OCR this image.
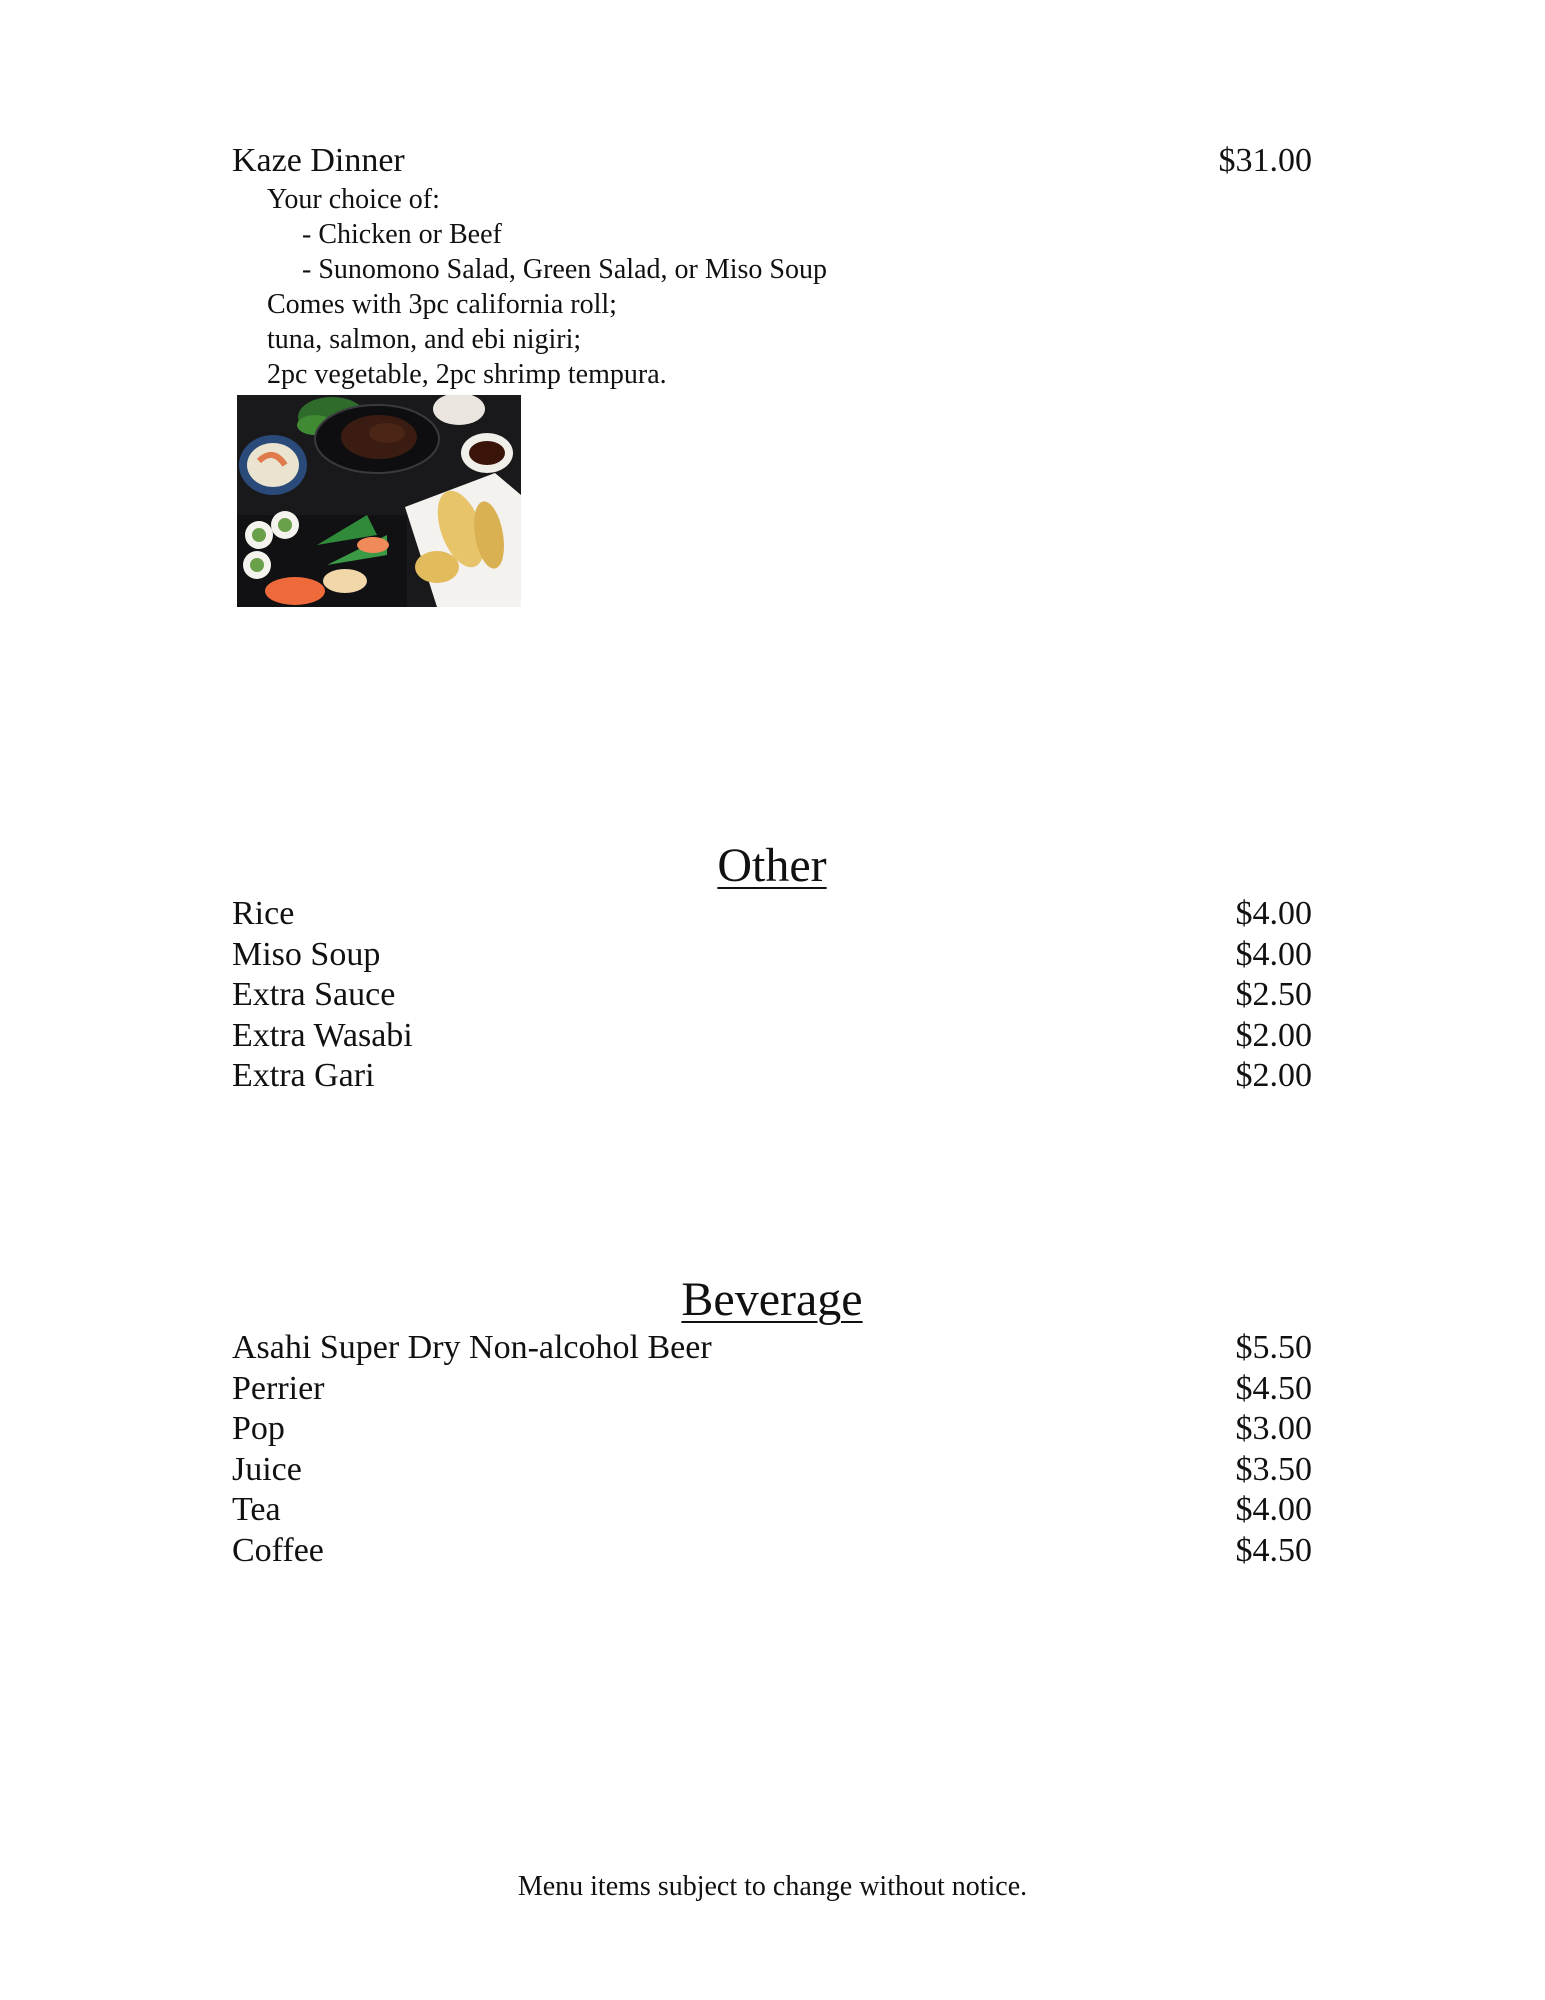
Kaze Dinner	$31.00
Your choice of:
- Chicken or Beef
- Sunomono Salad, Green Salad, or Miso Soup
Comes with 3pc california roll;
tuna, salmon, and ebi nigiri;
2pc vegetable, 2pc shrimp tempura.
Other
Rice	$4.00
Miso Soup	$4.00
Extra Sauce	$2.50
Extra Wasabi	$2.00
Extra Gari	$2.00
Beverage
Asahi Super Dry Non-alcohol Beer	$5.50
Perrier	$4.50
Pop	$3.00
Juice	$3.50
Tea	$4.00
Coffee	$4.50
Menu items subject to change without notice.
